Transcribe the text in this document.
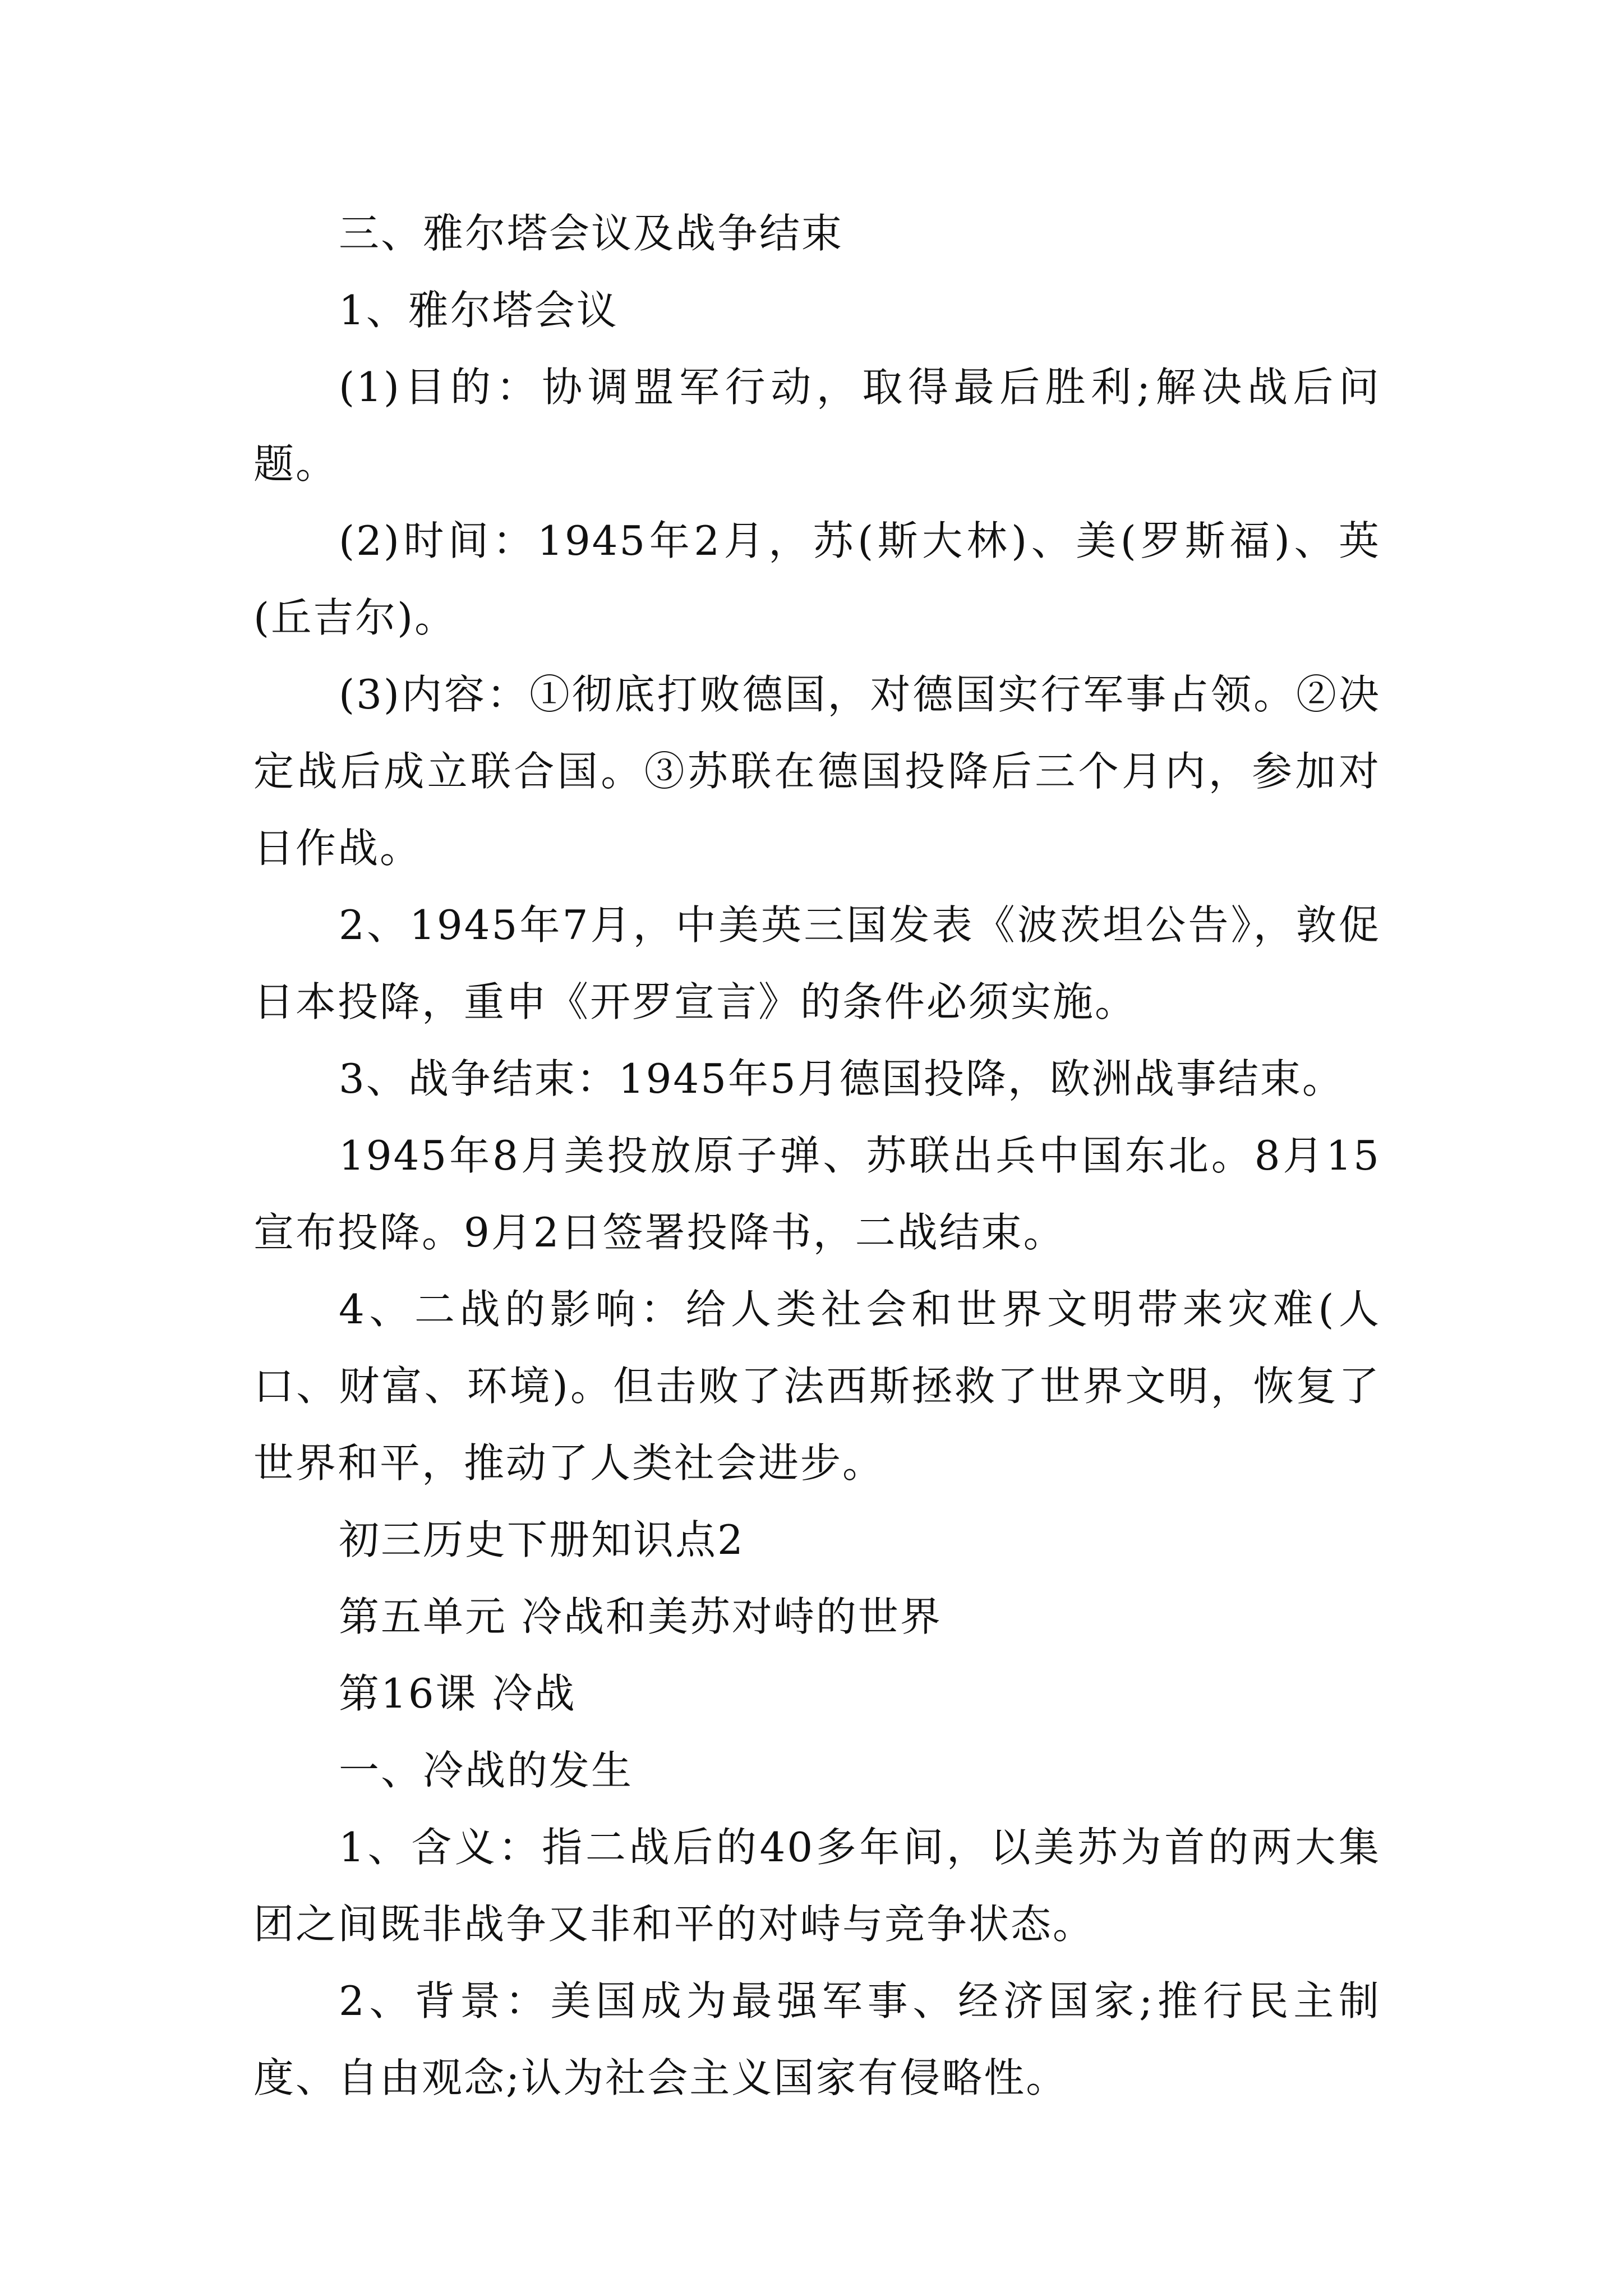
三、雅尔塔会议及战争结束

1、雅尔塔会议

(1)目的：协调盟军行动，取得最后胜利;解决战后问题。

(2)时间：1945年2月，苏(斯大林)、美(罗斯福)、英(丘吉尔)。

(3)内容：①彻底打败德国，对德国实行军事占领。②决定战后成立联合国。③苏联在德国投降后三个月内，参加对日作战。

2、1945年7月，中美英三国发表《波茨坦公告》，敦促日本投降，重申《开罗宣言》的条件必须实施。

3、战争结束：1945年5月德国投降，欧洲战事结束。

1945年8月美投放原子弹、苏联出兵中国东北。8月15宣布投降。9月2日签署投降书，二战结束。

4、二战的影响：给人类社会和世界文明带来灾难(人口、财富、环境)。但击败了法西斯拯救了世界文明，恢复了世界和平，推动了人类社会进步。

初三历史下册知识点2

第五单元 冷战和美苏对峙的世界

第16课 冷战

一、冷战的发生

1、含义：指二战后的40多年间，以美苏为首的两大集团之间既非战争又非和平的对峙与竞争状态。

2、背景：美国成为最强军事、经济国家;推行民主制度、自由观念;认为社会主义国家有侵略性。
